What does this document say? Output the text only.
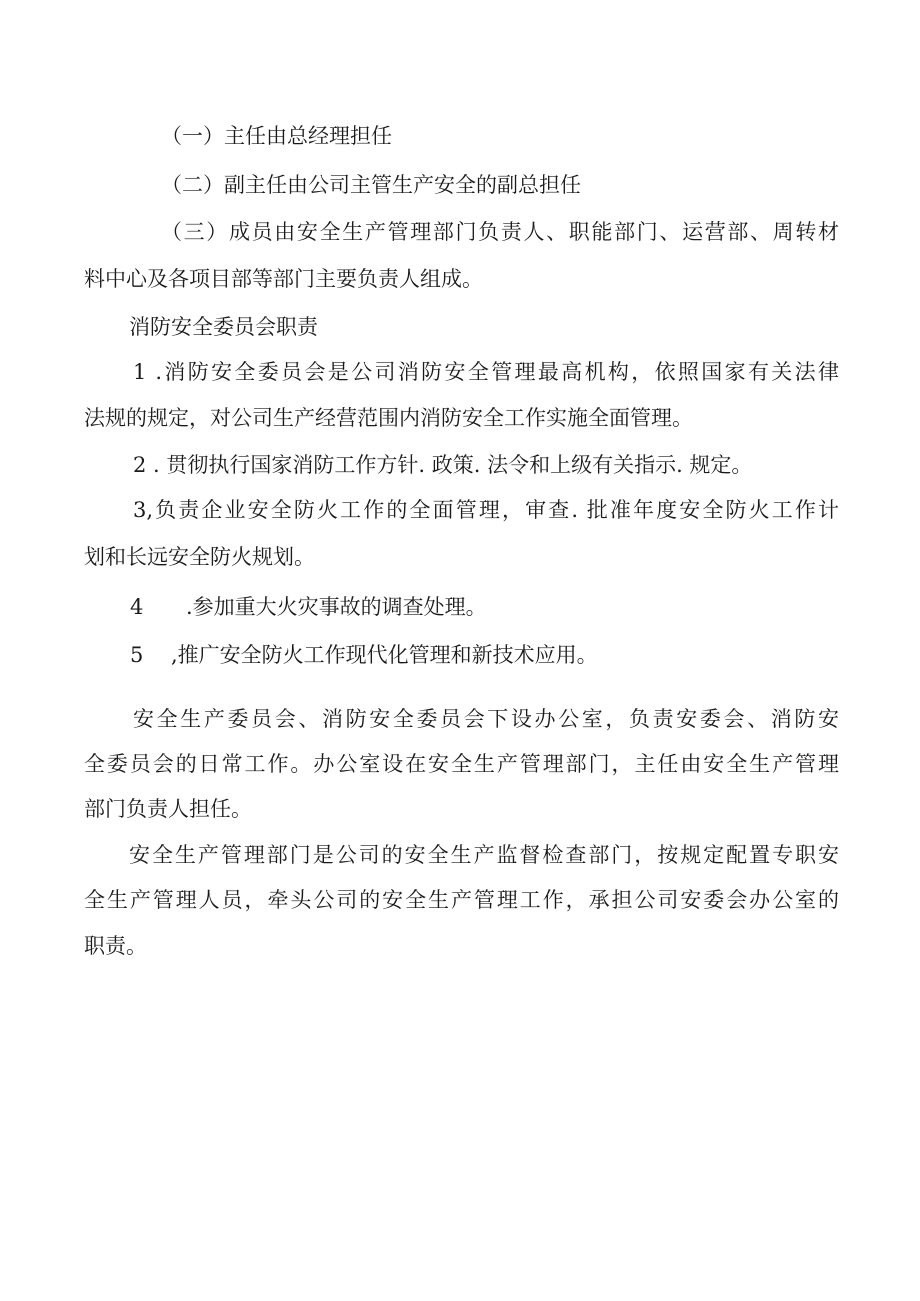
（一）主任由总经理担任
（二）副主任由公司主管生产安全的副总担任
（三）成员由安全生产管理部门负责人、职能部门、运营部、周转材
料中心及各项目部等部门主要负责人组成。
消防安全委员会职责
1 .消防安全委员会是公司消防安全管理最高机构，依照国家有关法律
法规的规定，对公司生产经营范围内消防安全工作实施全面管理。
2 . 贯彻执行国家消防工作方针. 政策. 法令和上级有关指示. 规定。
3,负责企业安全防火工作的全面管理，审查. 批准年度安全防火工作计
划和长远安全防火规划。
4 .参加重大火灾事故的调查处理。
5 ,推广安全防火工作现代化管理和新技术应用。
安全生产委员会、消防安全委员会下设办公室，负责安委会、消防安
全委员会的日常工作。办公室设在安全生产管理部门，主任由安全生产管理
部门负责人担任。
安全生产管理部门是公司的安全生产监督检查部门，按规定配置专职安
全生产管理人员，牵头公司的安全生产管理工作，承担公司安委会办公室的
职责。
